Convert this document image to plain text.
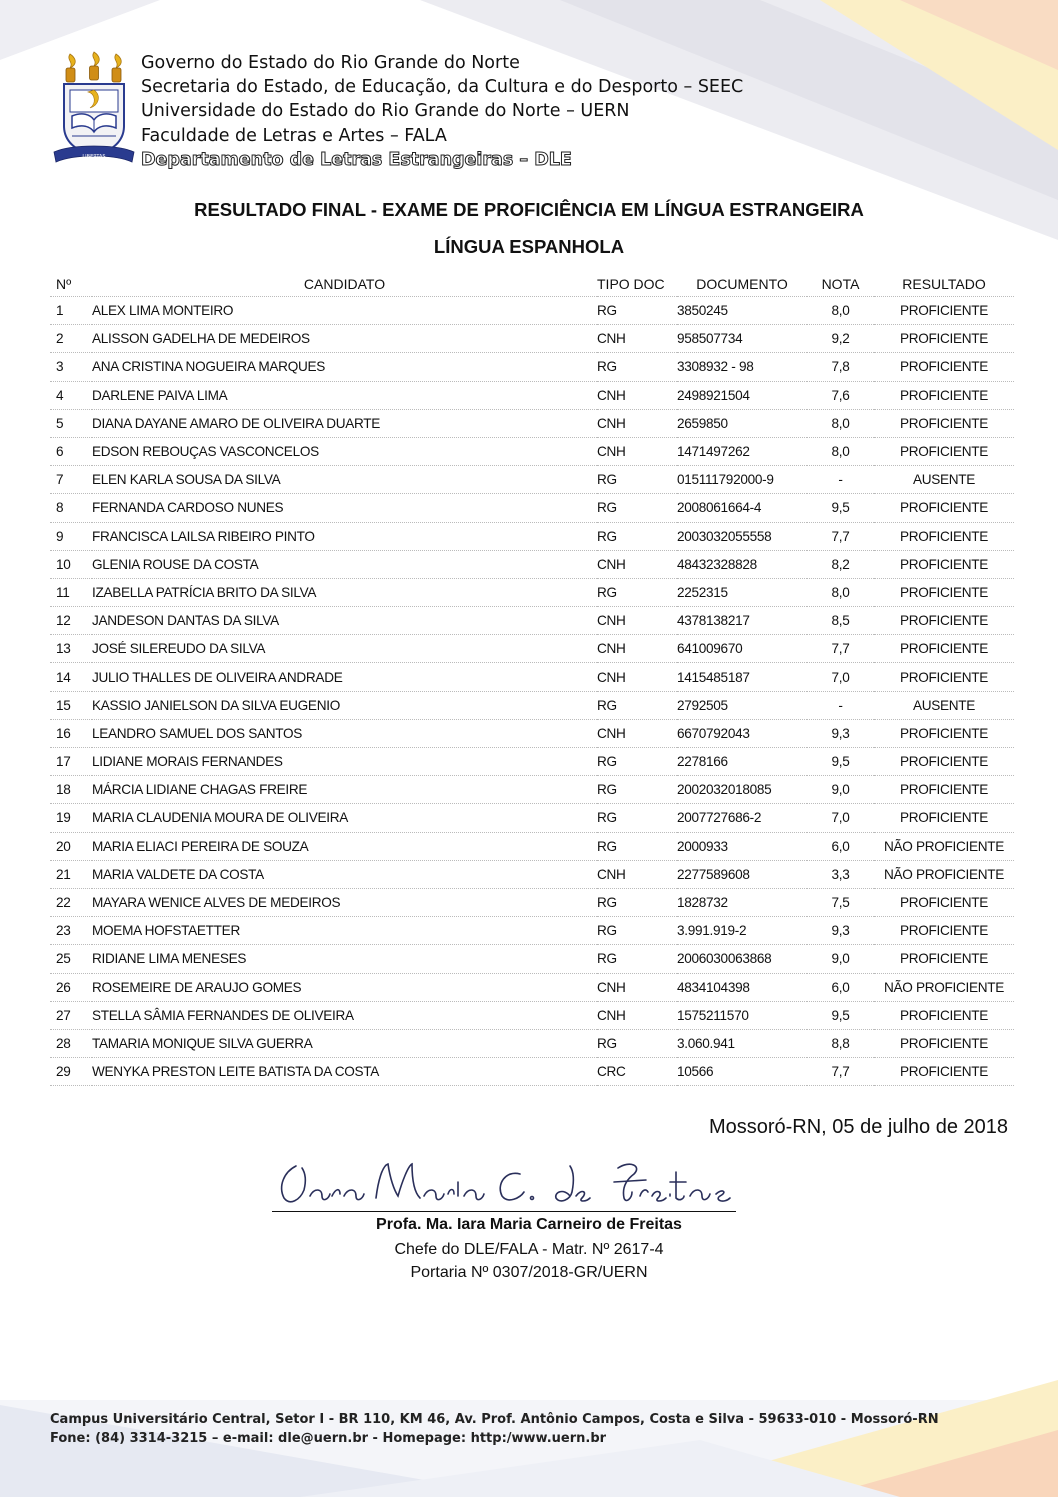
LIBERTAS
Governo do Estado do Rio Grande do Norte
Secretaria do Estado, de Educação, da Cultura e do Desporto – SEEC
Universidade do Estado do Rio Grande do Norte – UERN
Faculdade de Letras e Artes – FALA
Departamento de Letras Estrangeiras – DLE
RESULTADO FINAL - EXAME DE PROFICIÊNCIA EM LÍNGUA ESTRANGEIRA
LÍNGUA ESPANHOLA
Nº	CANDIDATO	TIPO DOC	DOCUMENTO	NOTA	RESULTADO
1	ALEX LIMA MONTEIRO	RG	3850245	8,0	PROFICIENTE
2	ALISSON GADELHA DE MEDEIROS	CNH	958507734	9,2	PROFICIENTE
3	ANA CRISTINA NOGUEIRA MARQUES	RG	3308932 - 98	7,8	PROFICIENTE
4	DARLENE PAIVA LIMA	CNH	2498921504	7,6	PROFICIENTE
5	DIANA DAYANE AMARO DE OLIVEIRA DUARTE	CNH	2659850	8,0	PROFICIENTE
6	EDSON REBOUÇAS VASCONCELOS	CNH	1471497262	8,0	PROFICIENTE
7	ELEN KARLA SOUSA DA SILVA	RG	015111792000-9	-	AUSENTE
8	FERNANDA CARDOSO NUNES	RG	2008061664-4	9,5	PROFICIENTE
9	FRANCISCA LAILSA RIBEIRO PINTO	RG	2003032055558	7,7	PROFICIENTE
10	GLENIA ROUSE DA COSTA	CNH	48432328828	8,2	PROFICIENTE
11	IZABELLA PATRÍCIA BRITO DA SILVA	RG	2252315	8,0	PROFICIENTE
12	JANDESON DANTAS DA SILVA	CNH	4378138217	8,5	PROFICIENTE
13	JOSÉ SILEREUDO DA SILVA	CNH	641009670	7,7	PROFICIENTE
14	JULIO THALLES DE OLIVEIRA ANDRADE	CNH	1415485187	7,0	PROFICIENTE
15	KASSIO JANIELSON DA SILVA EUGENIO	RG	2792505	-	AUSENTE
16	LEANDRO SAMUEL DOS SANTOS	CNH	6670792043	9,3	PROFICIENTE
17	LIDIANE MORAIS FERNANDES	RG	2278166	9,5	PROFICIENTE
18	MÁRCIA LIDIANE CHAGAS FREIRE	RG	2002032018085	9,0	PROFICIENTE
19	MARIA CLAUDENIA MOURA DE OLIVEIRA	RG	2007727686-2	7,0	PROFICIENTE
20	MARIA ELIACI PEREIRA DE SOUZA	RG	2000933	6,0	NÃO PROFICIENTE
21	MARIA VALDETE DA COSTA	CNH	2277589608	3,3	NÃO PROFICIENTE
22	MAYARA WENICE ALVES DE MEDEIROS	RG	1828732	7,5	PROFICIENTE
23	MOEMA HOFSTAETTER	RG	3.991.919-2	9,3	PROFICIENTE
25	RIDIANE LIMA MENESES	RG	2006030063868	9,0	PROFICIENTE
26	ROSEMEIRE DE ARAUJO GOMES	CNH	4834104398	6,0	NÃO PROFICIENTE
27	STELLA SÂMIA FERNANDES DE OLIVEIRA	CNH	1575211570	9,5	PROFICIENTE
28	TAMARIA MONIQUE SILVA GUERRA	RG	3.060.941	8,8	PROFICIENTE
29	WENYKA PRESTON LEITE BATISTA DA COSTA	CRC	10566	7,7	PROFICIENTE
Mossoró-RN, 05 de julho de 2018
Profa. Ma. Iara Maria Carneiro de Freitas
Chefe do DLE/FALA - Matr. Nº 2617-4
Portaria Nº 0307/2018-GR/UERN
Campus Universitário Central, Setor I - BR 110, KM 46, Av. Prof. Antônio Campos, Costa e Silva - 59633-010 - Mossoró-RN
Fone: (84) 3314-3215 – e-mail: dle@uern.br - Homepage: http:/www.uern.br
